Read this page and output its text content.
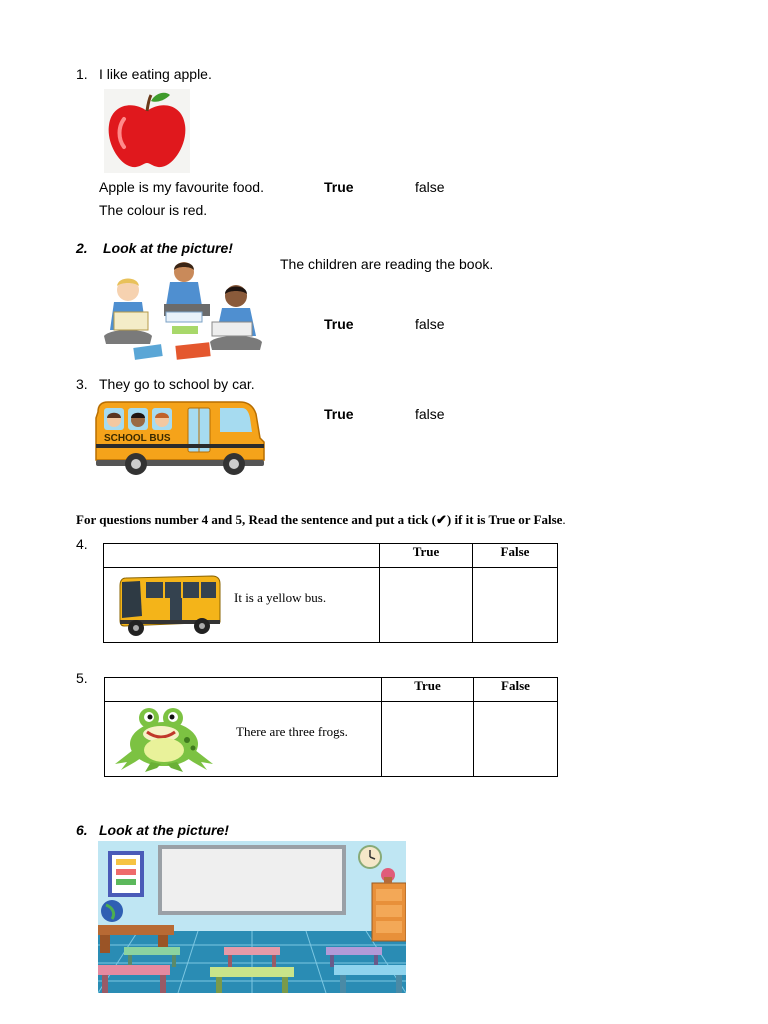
1. I like eating apple.
Apple is my favourite food.	True	false
The colour is red.
2. Look at the picture!
The children are reading the book.
True	false
3. They go to school by car.
SCHOOL BUS
True	false
For questions number 4 and 5, Read the sentence and put a tick (✔) if it is True or False.
4.
		True	False

It is a yellow bus.		

5.
		True	False

There are three frogs.		

6. Look at the picture!
